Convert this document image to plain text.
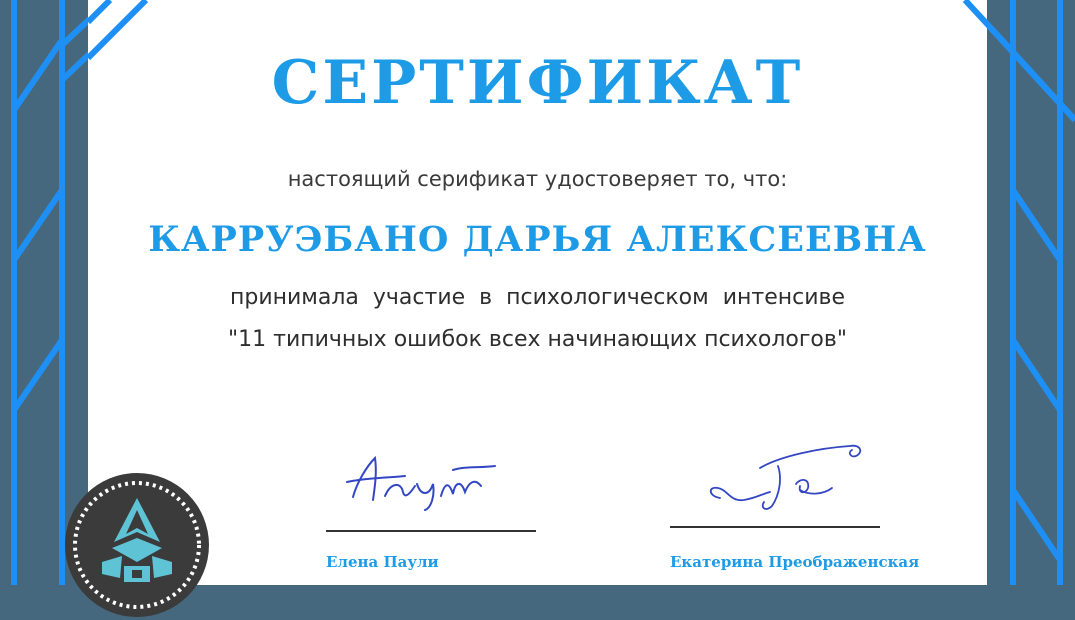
СЕРТИФИКАТ
настоящий серификат удостоверяет то, что:
КАРРУЭБАНО ДАРЬЯ АЛЕКСЕЕВНА
принимала участие в психологическом интенсиве
"11 типичных ошибок всех начинающих психологов"
Елена Паули	Екатерина Преображенская
